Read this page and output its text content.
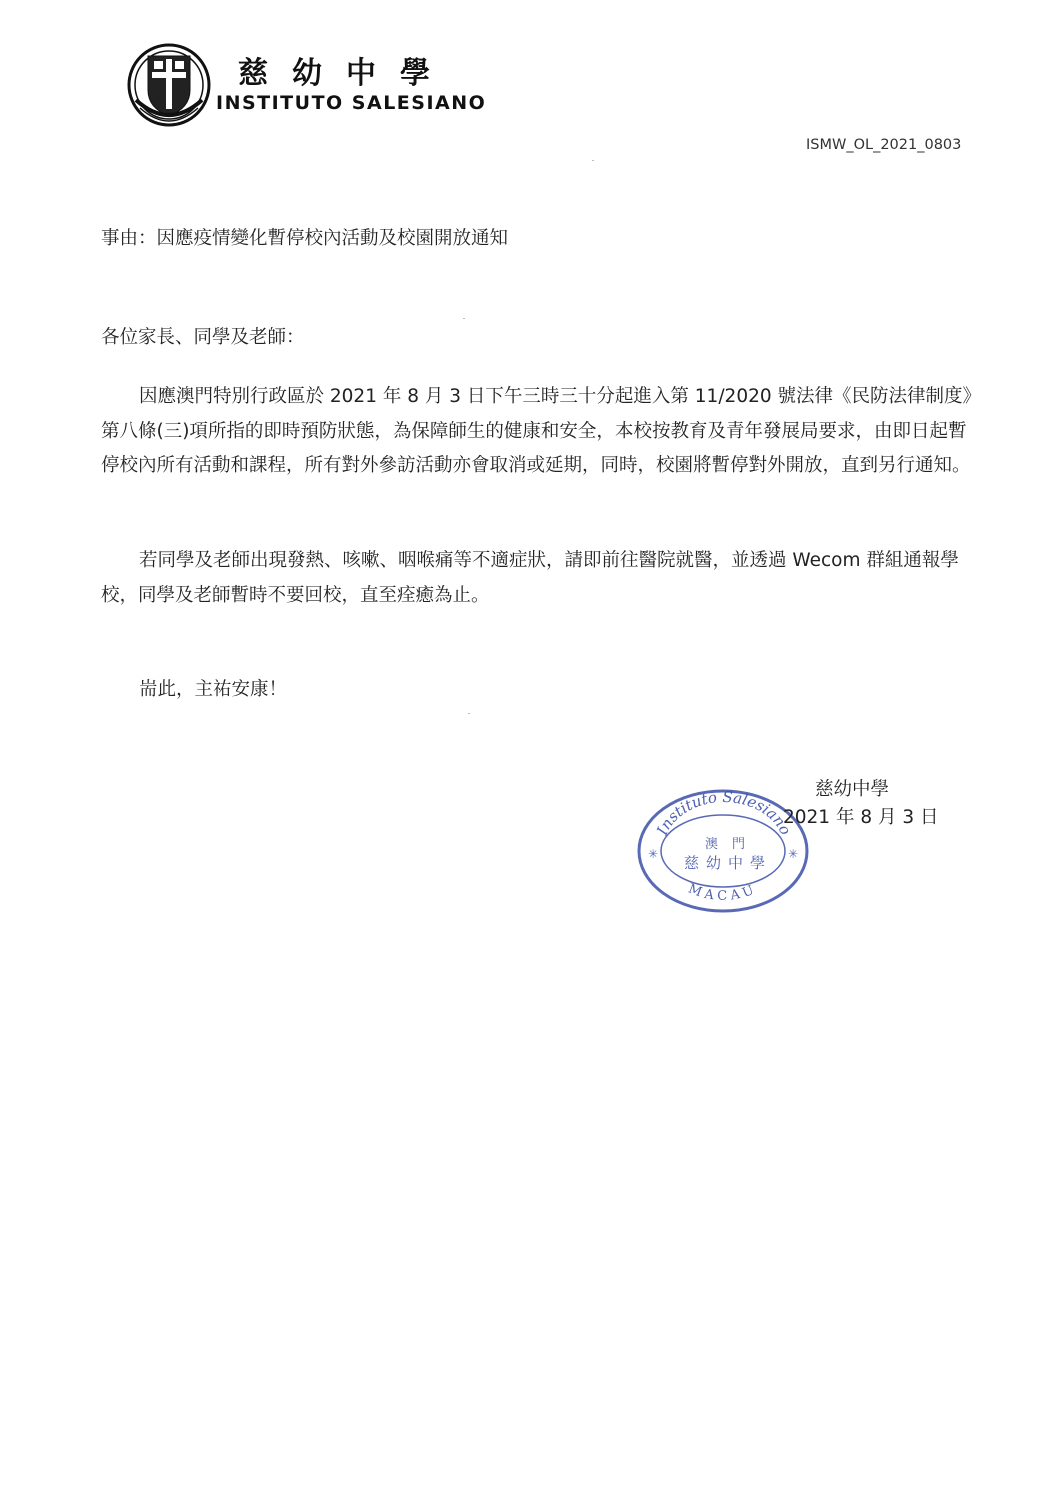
慈幼中學
INSTITUTO SALESIANO
ISMW_OL_2021_0803
事由：因應疫情變化暫停校內活動及校園開放通知
各位家長、同學及老師：
因應澳門特別行政區於 2021 年 8 月 3 日下午三時三十分起進入第 11/2020 號法律《民防法律制度》第八條(三)項所指的即時預防狀態，為保障師生的健康和安全，本校按教育及青年發展局要求，由即日起暫停校內所有活動和課程，所有對外參訪活動亦會取消或延期，同時，校園將暫停對外開放，直到另行通知。
若同學及老師出現發熱、咳嗽、咽喉痛等不適症狀，請即前往醫院就醫，並透過 Wecom 群組通報學校，同學及老師暫時不要回校，直至痊癒為止。
耑此，主祐安康！
Instituto Salesiano
澳門
慈幼中學
MACAU
✳	✳
慈幼中學
2021 年 8 月 3 日
